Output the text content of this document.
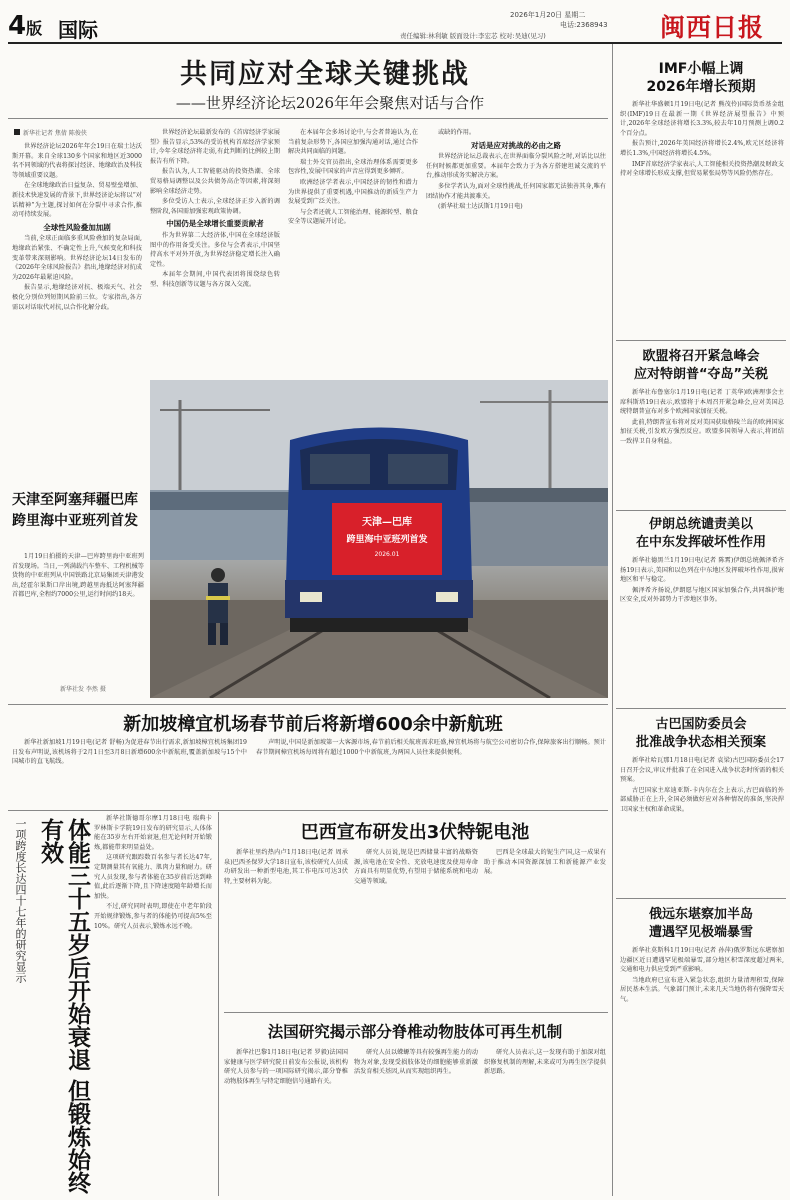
4版 国际
2026年1月20日 星期二
电话:2368943
责任编辑:林利敏 版面设计:李宏芯 校对:吴迪(见习)	闽西日报
共同应对全球关键挑战
——世界经济论坛2026年年会聚焦对话与合作
新华社记者 焦倩 陈俊侠

世界经济论坛2026年年会19日在瑞士达沃斯开幕。来自全球130多个国家和地区近3000名不同领域的代表将探讨经济、地缘政治及科技等领域重要议题。

在全球地缘政治日益复杂、贸易壁垒增加、新技术快速发展的背景下,世界经济论坛将以“对话精神”为主题,探讨如何在分裂中寻求合作,推动可持续发展。

全球性风险叠加加剧

当前,全球正面临多重风险叠加的复杂局面,地缘政治紧张、不确定性上升,气候变化和科技变革带来深刻影响。世界经济论坛14日发布的《2026年全球风险报告》指出,地缘经济对抗成为2026年最紧迫风险。

报告显示,地缘经济对抗、极端天气、社会极化分别位列短期风险前三位。专家指出,各方需以对话取代对抗,以合作化解分歧。

世界经济论坛最新发布的《首席经济学家展望》报告显示,53%的受访机构首席经济学家预计,今年全球经济将走弱,有此判断的比例较上期报告有所下降。

报告认为,人工智能驱动的投资热潮、全球贸易格局调整以及公共债务高企等因素,将深刻影响全球经济走势。

多位受访人士表示,全球经济正步入新的调整阶段,各国需加强宏观政策协调。

中国仍是全球增长重要贡献者

作为世界第二大经济体,中国在全球经济版图中的作用备受关注。多位与会者表示,中国坚持高水平对外开放,为世界经济稳定增长注入确定性。

本届年会期间,中国代表团将围绕绿色转型、科技创新等议题与各方深入交流。

在本届年会多场讨论中,与会者普遍认为,在当前复杂形势下,各国应加强沟通对话,通过合作解决共同面临的问题。

瑞士外交官员指出,全球治理体系需要更多包容性,发展中国家的声音应得到更多倾听。

欧洲经济学者表示,中国经济的韧性和潜力为世界提供了重要机遇,中国推动的新质生产力发展受到广泛关注。

与会者还就人工智能治理、能源转型、粮食安全等议题展开讨论。

或缺的作用。

对话是应对挑战的必由之路

世界经济论坛总裁表示,在世界面临分裂风险之时,对话比以往任何时候都更加重要。本届年会致力于为各方搭建坦诚交流的平台,推动形成务实解决方案。

多位学者认为,面对全球性挑战,任何国家都无法独善其身,唯有团结协作才能共渡难关。

(新华社瑞士达沃斯1月19日电)

天津—巴库
跨里海中亚班列首发
2026.01
天津至阿塞拜疆巴库
跨里海中亚班列首发

1月19日拍摄的天津—巴库跨里海中亚班列首发现场。当日,一列满载汽车整车、工程机械等货物的中亚班列从中国铁路北京局集团天津港发出,经霍尔果斯口岸出境,跨越里海抵达阿塞拜疆首都巴库,全程约7000公里,运行时间约18天。

新华社发 李然 摄
新加坡樟宜机场春节前后将新增600余中新航班

新华社新加坡1月19日电(记者 舒畅)为促进春节出行需求,新加坡樟宜机场集团19日发布声明说,该机场将于2月1日至3月8日新增600余中新航班,覆盖新加坡与15个中国城市的直飞航线。

声明说,中国是新加坡第一大客源市场,春节前后相关航班需求旺盛,樟宜机场将与航空公司密切合作,保障旅客出行顺畅。预计春节期间樟宜机场每周将有超过1000个中新航班,为两国人员往来提供便利。

一项跨度长达四十七年的研究显示	体能三十五岁后开始衰退 但锻炼始终有效	新华社斯德哥尔摩1月18日电 瑞典卡罗林斯卡学院19日发布的研究显示,人体体能在35岁左右开始衰退,但无论何时开始锻炼,都能带来明显益处。

这项研究跟踪数百名参与者长达47年,定期测量其有氧能力、肌肉力量和耐力。研究人员发现,参与者体能在35岁前后达到峰值,此后逐渐下降,且下降速度随年龄增长而加快。

不过,研究同时表明,即使在中老年阶段开始规律锻炼,参与者的体能仍可提高5%至10%。研究人员表示,锻炼永远不晚。

巴西宣布研发出3伏特铌电池

新华社里约热内卢1月18日电(记者 周承泉)巴西圣保罗大学18日宣布,该校研究人员成功研发出一种新型电池,其工作电压可达3伏特,主要材料为铌。

研究人员说,铌是巴西储量丰富的战略资源,该电池在安全性、充放电速度及使用寿命方面具有明显优势,有望用于储能系统和电动交通等领域。

巴西是全球最大的铌生产国,这一成果有助于推动本国资源深加工和新能源产业发展。

法国研究揭示部分脊椎动物肢体可再生机制

新华社巴黎1月18日电(记者 罗毅)法国国家健康与医学研究院日前发布公报说,该机构研究人员参与的一项国际研究揭示,部分脊椎动物肢体再生与特定细胞信号通路有关。

研究人员以蝾螈等具有较强再生能力的动物为对象,发现受损肢体处的细胞能够重新激活发育相关基因,从而实现组织再生。

研究人员表示,这一发现有助于加深对组织修复机制的理解,未来或可为再生医学提供新思路。

IMF小幅上调
2026年增长预期

新华社华盛顿1月19日电(记者 熊茂伶)国际货币基金组织(IMF)19日在最新一期《世界经济展望报告》中预计,2026年全球经济将增长3.3%,较去年10月预测上调0.2个百分点。

报告预计,2026年美国经济将增长2.4%,欧元区经济将增长1.3%,中国经济将增长4.5%。

IMF首席经济学家表示,人工智能相关投资热潮及财政支持对全球增长形成支撑,但贸易紧张局势等风险仍然存在。

欧盟将召开紧急峰会
应对特朗普“夺岛”关税

新华社布鲁塞尔1月19日电(记者 丁英华)欧洲理事会主席科斯塔19日表示,欧盟将于本周召开紧急峰会,应对美国总统特朗普宣布对多个欧洲国家加征关税。

此前,特朗普宣布将对反对美国获取格陵兰岛的欧洲国家加征关税,引发欧方强烈反应。欧盟多国领导人表示,将团结一致捍卫自身利益。

伊朗总统谴责美以
在中东发挥破坏性作用

新华社德黑兰1月19日电(记者 陈霄)伊朗总统佩泽希齐扬19日表示,美国和以色列在中东地区发挥破坏性作用,损害地区和平与稳定。

佩泽希齐扬说,伊朗愿与地区国家加强合作,共同维护地区安全,反对外部势力干涉地区事务。

古巴国防委员会
批准战争状态相关预案

新华社哈瓦那1月18日电(记者 袁梁)古巴国防委员会17日召开会议,审议并批准了在全国进入战争状态时所需的相关预案。

古巴国家主席迪亚斯-卡内尔在会上表示,古巴面临的外部威胁正在上升,全国必须做好应对各种情况的准备,坚决捍卫国家主权和革命成果。

俄远东堪察加半岛
遭遇罕见极端暴雪

新华社莫斯科1月19日电(记者 孙萍)俄罗斯远东堪察加边疆区近日遭遇罕见极端暴雪,部分地区积雪深度超过两米,交通和电力供应受到严重影响。

当地政府已宣布进入紧急状态,组织力量清理积雪,保障居民基本生活。气象部门预计,未来几天当地仍将有强降雪天气。
